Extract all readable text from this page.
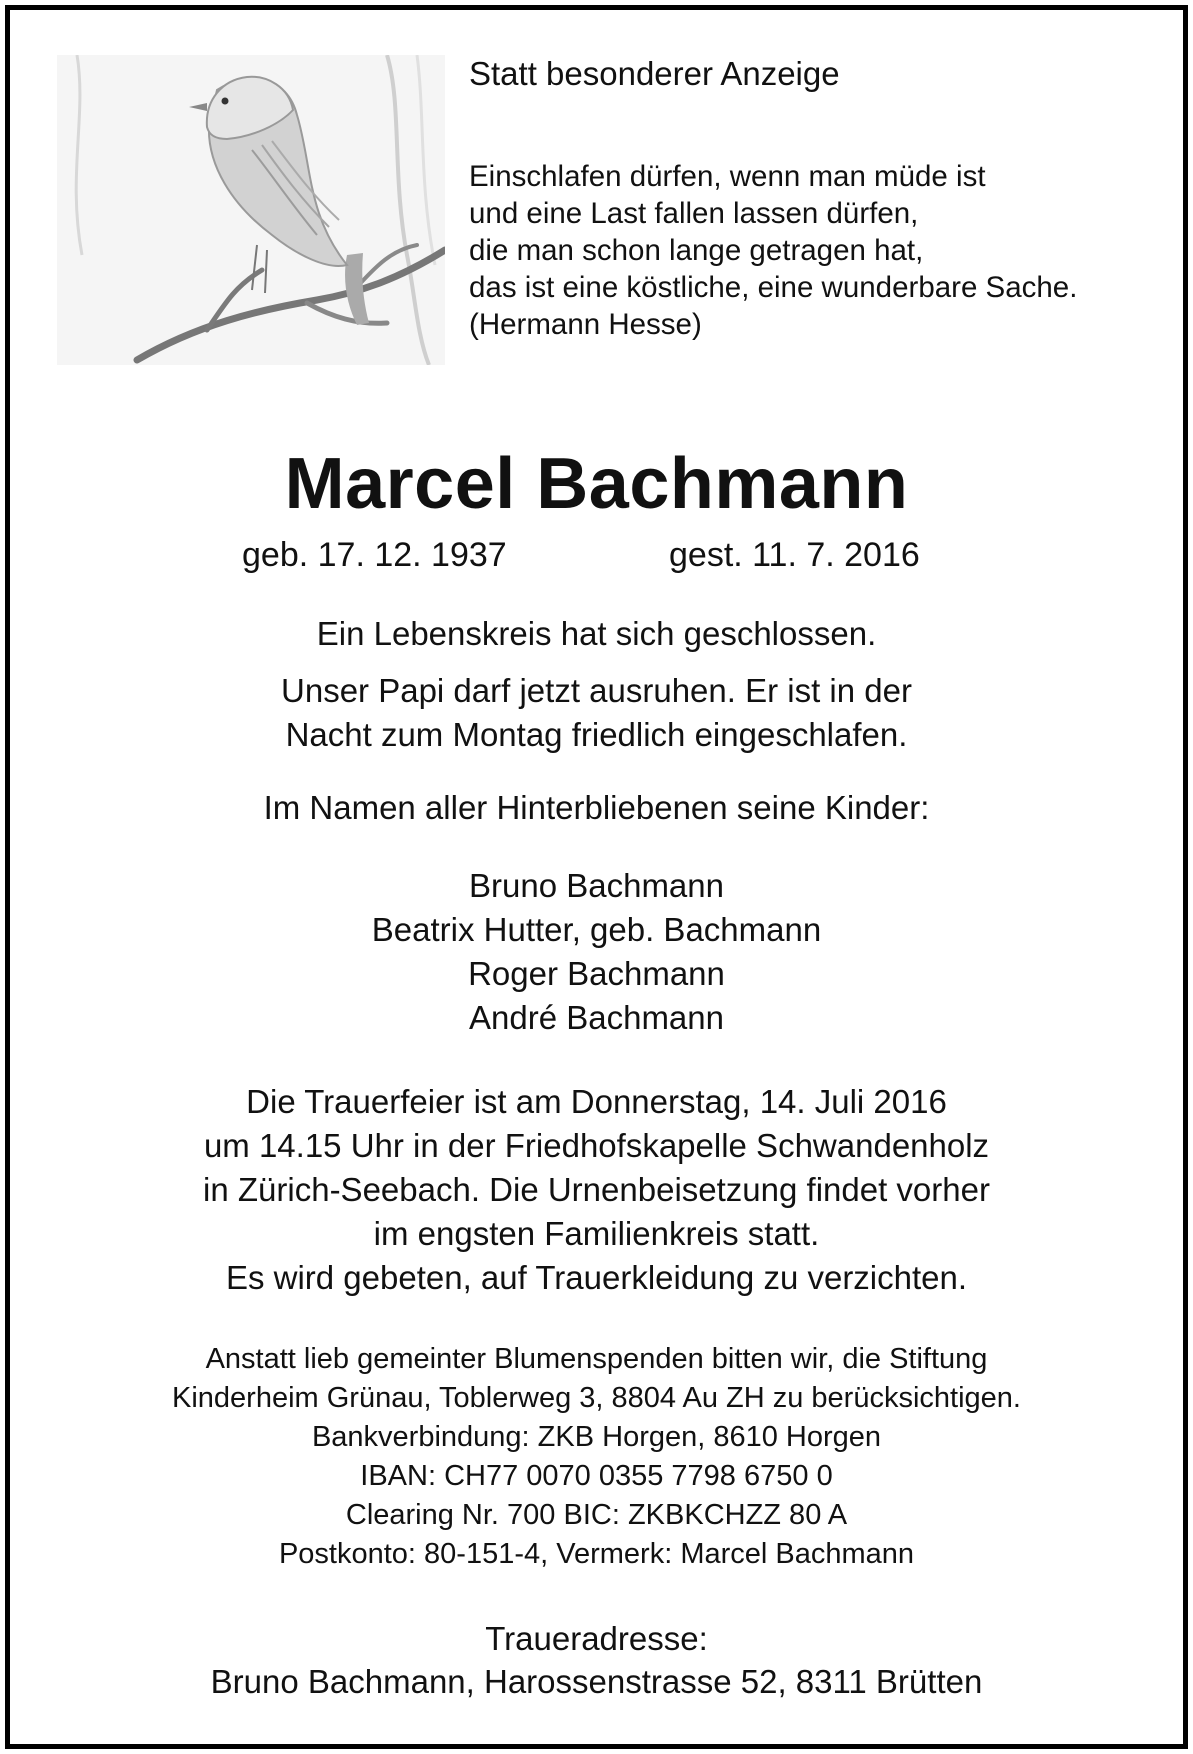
Statt besonderer Anzeige
Einschlafen dürfen, wenn man müde ist
und eine Last fallen lassen dürfen,
die man schon lange getragen hat,
das ist eine köstliche, eine wunderbare Sache.
(Hermann Hesse)
Marcel Bachmann
geb. 17. 12. 1937	gest. 11. 7. 2016
Ein Lebenskreis hat sich geschlossen.
Unser Papi darf jetzt ausruhen. Er ist in der
Nacht zum Montag friedlich eingeschlafen.
Im Namen aller Hinterbliebenen seine Kinder:
Bruno Bachmann
Beatrix Hutter, geb. Bachmann
Roger Bachmann
André Bachmann
Die Trauerfeier ist am Donnerstag, 14. Juli 2016
um 14.15 Uhr in der Friedhofskapelle Schwandenholz
in Zürich-Seebach. Die Urnenbeisetzung findet vorher
im engsten Familienkreis statt.
Es wird gebeten, auf Trauerkleidung zu verzichten.
Anstatt lieb gemeinter Blumenspenden bitten wir, die Stiftung
Kinderheim Grünau, Toblerweg 3, 8804 Au ZH zu berücksichtigen.
Bankverbindung: ZKB Horgen, 8610 Horgen
IBAN: CH77 0070 0355 7798 6750 0
Clearing Nr. 700 BIC: ZKBKCHZZ 80 A
Postkonto: 80-151-4, Vermerk: Marcel Bachmann
Traueradresse:
Bruno Bachmann, Harossenstrasse 52, 8311 Brütten
